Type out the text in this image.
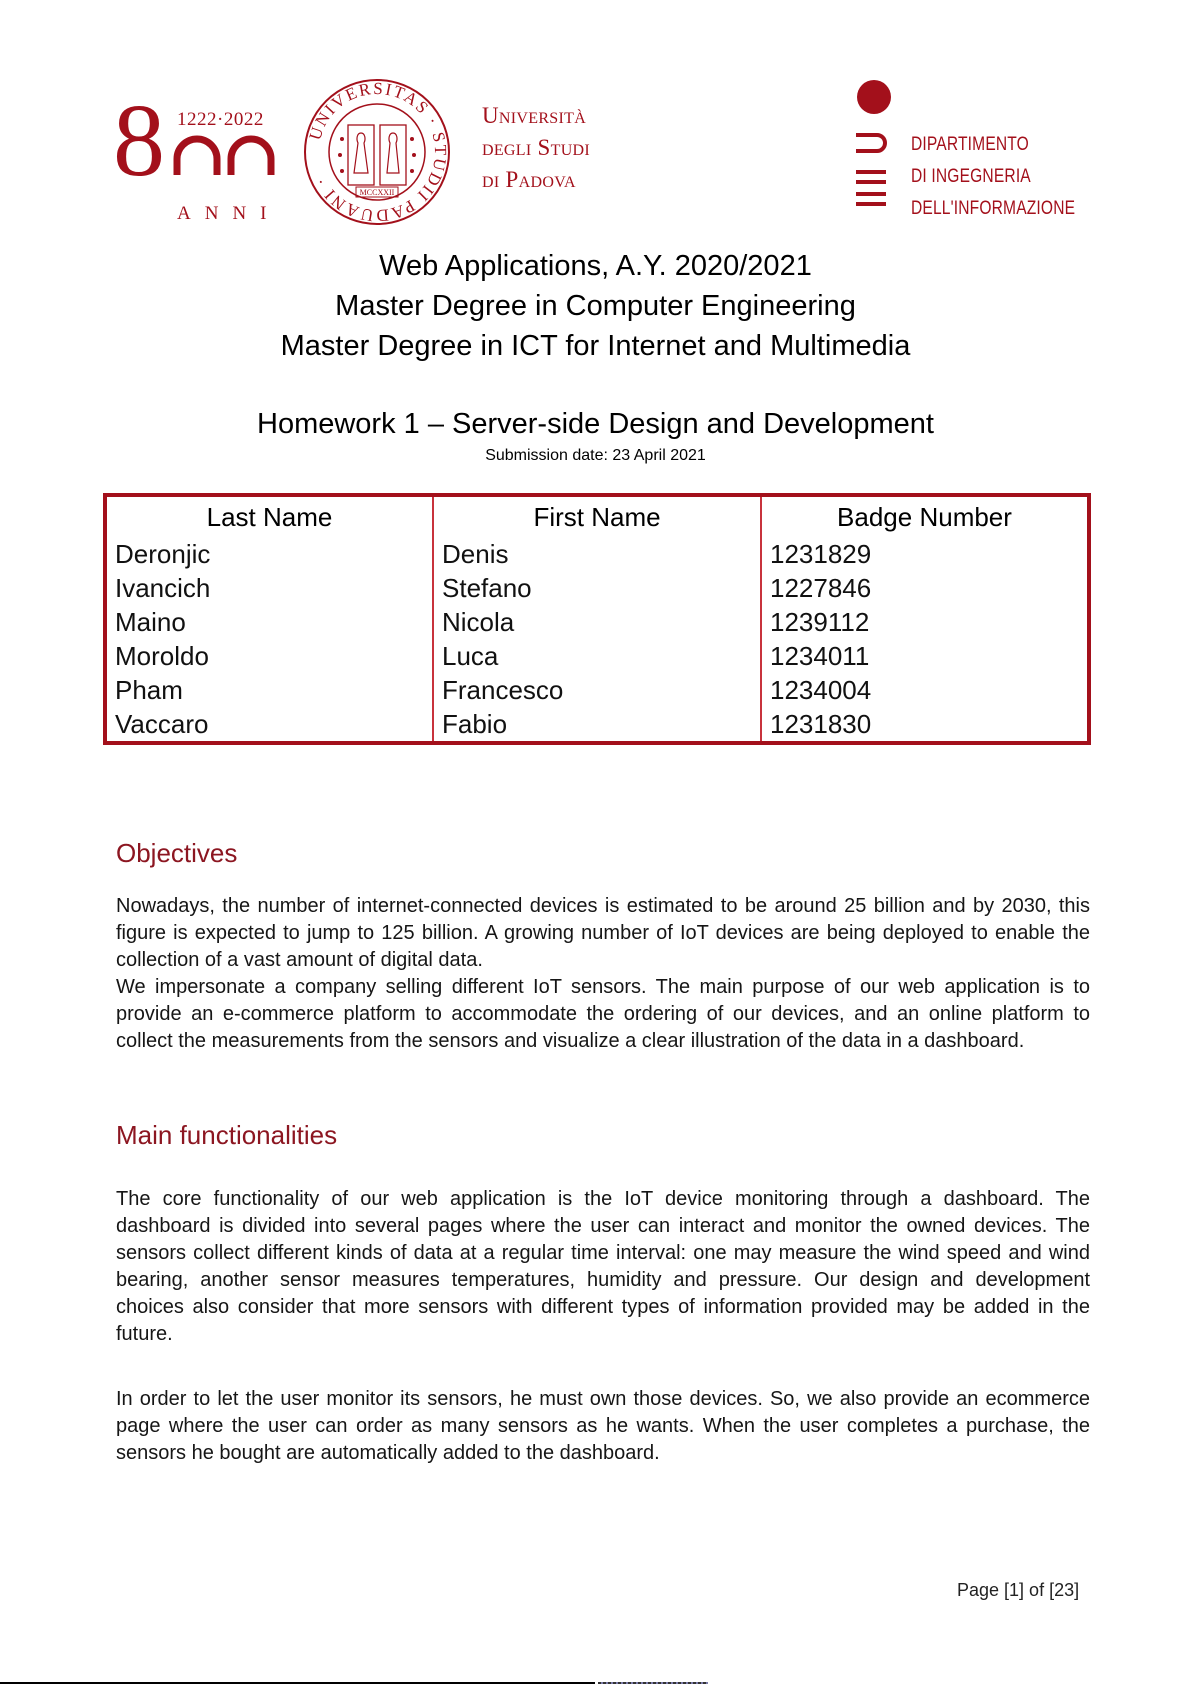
8 1222·2022
ANNI
UNIVERSITAS · STUDII PADUANI ·
MCCXXII
Università
degli Studi
di Padova
DIPARTIMENTO
DI INGEGNERIA
DELL'INFORMAZIONE
Web Applications, A.Y. 2020/2021
Master Degree in Computer Engineering
Master Degree in ICT for Internet and Multimedia
Homework 1 – Server-side Design and Development
Submission date: 23 April 2021
Last Name	First Name	Badge Number
Deronjic	Denis	1231829
Ivancich	Stefano	1227846
Maino	Nicola	1239112
Moroldo	Luca	1234011
Pham	Francesco	1234004
Vaccaro	Fabio	1231830
Objectives

Nowadays, the number of internet-connected devices is estimated to be around 25 billion and by 2030, this figure is expected to jump to 125 billion. A growing number of IoT devices are being deployed to enable the collection of a vast amount of digital data.

We impersonate a company selling different IoT sensors. The main purpose of our web application is to provide an e-commerce platform to accommodate the ordering of our devices, and an online platform to collect the measurements from the sensors and visualize a clear illustration of the data in a dashboard.

Main functionalities

The core functionality of our web application is the IoT device monitoring through a dashboard. The dashboard is divided into several pages where the user can interact and monitor the owned devices. The sensors collect different kinds of data at a regular time interval: one may measure the wind speed and wind bearing, another sensor measures temperatures, humidity and pressure. Our design and development choices also consider that more sensors with different types of information provided may be added in the future.

In order to let the user monitor its sensors, he must own those devices. So, we also provide an ecommerce page where the user can order as many sensors as he wants. When the user completes a purchase, the sensors he bought are automatically added to the dashboard.

Page [1] of [23]
